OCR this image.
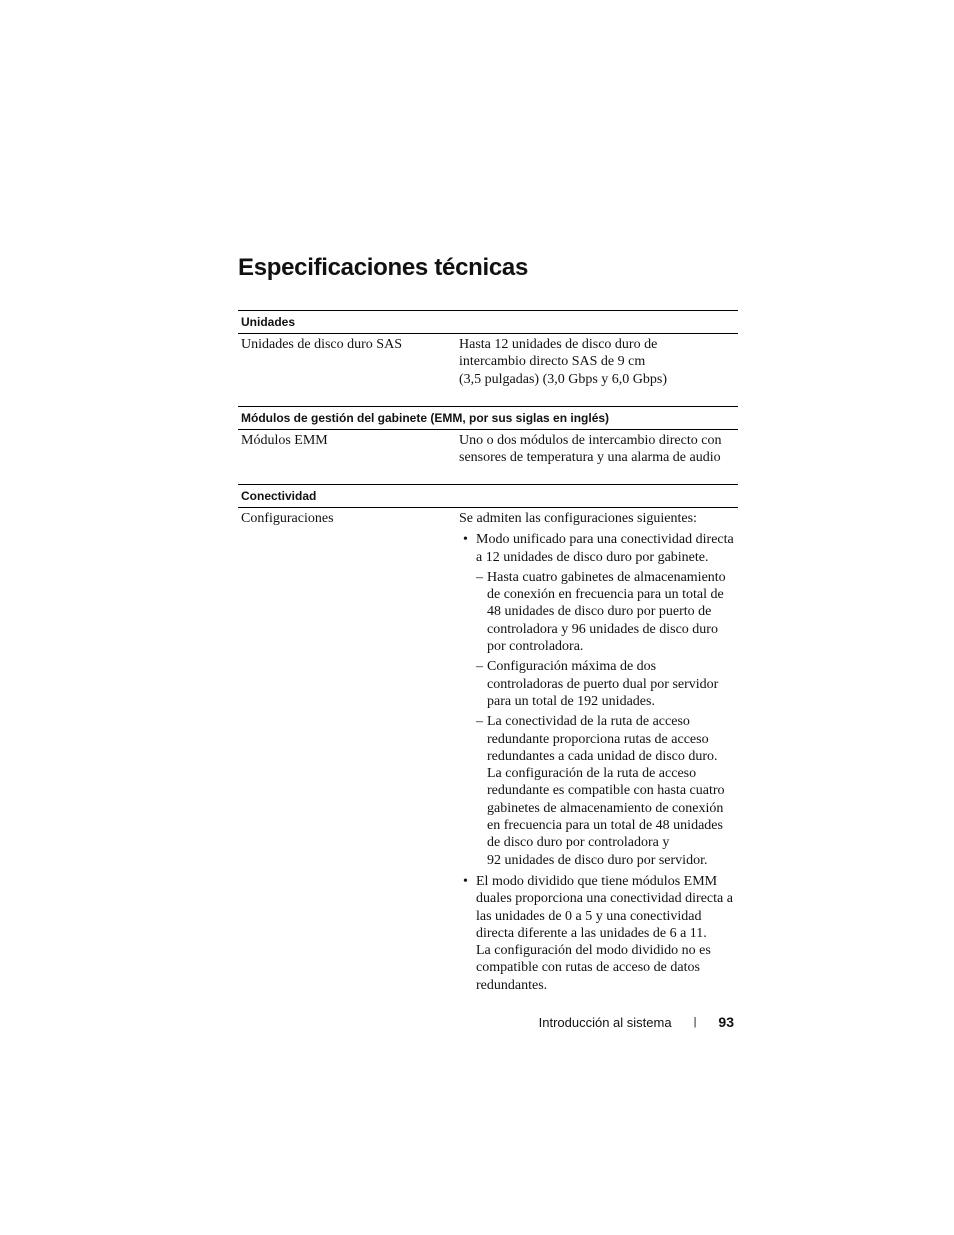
Especificaciones técnicas
Unidades
Unidades de disco duro SAS	Hasta 12 unidades de disco duro de

intercambio directo SAS de 9 cm

(3,5 pulgadas) (3,0 Gbps y 6,0 Gbps)

Módulos de gestión del gabinete (EMM, por sus siglas en inglés)
Módulos EMM	Uno o dos módulos de intercambio directo con

sensores de temperatura y una alarma de audio

Conectividad
Configuraciones	Se admiten las configuraciones siguientes:

• Modo unificado para una conectividad directa

a 12 unidades de disco duro por gabinete.

– Hasta cuatro gabinetes de almacenamiento

de conexión en frecuencia para un total de

48 unidades de disco duro por puerto de

controladora y 96 unidades de disco duro

por controladora.

– Configuración máxima de dos

controladoras de puerto dual por servidor

para un total de 192 unidades.

– La conectividad de la ruta de acceso

redundante proporciona rutas de acceso

redundantes a cada unidad de disco duro.

La configuración de la ruta de acceso

redundante es compatible con hasta cuatro

gabinetes de almacenamiento de conexión

en frecuencia para un total de 48 unidades

de disco duro por controladora y

92 unidades de disco duro por servidor.

• El modo dividido que tiene módulos EMM

duales proporciona una conectividad directa a

las unidades de 0 a 5 y una conectividad

directa diferente a las unidades de 6 a 11.

La configuración del modo dividido no es

compatible con rutas de acceso de datos

redundantes.

Introducción al sistema | 93
